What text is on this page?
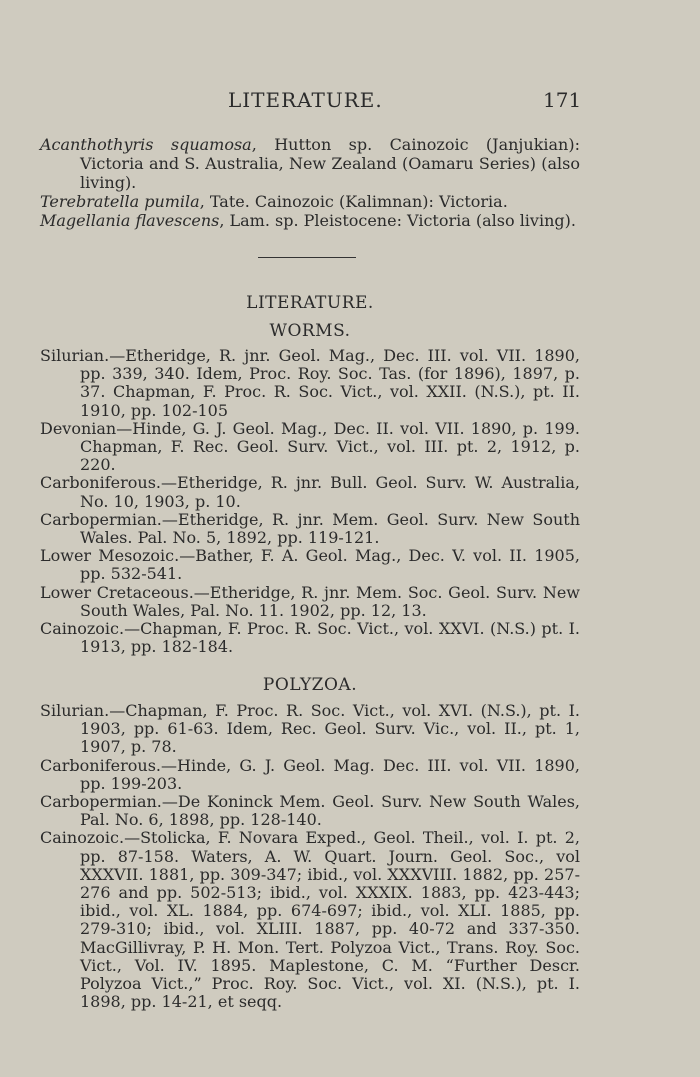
LITERATURE.	171

Acanthothyris squamosa, Hutton sp. Cainozoic (Janjukian): Victoria and S. Australia, New Zealand (Oamaru Series) (also living).

Terebratella pumila, Tate. Cainozoic (Kalimnan): Victoria.

Magellania flavescens, Lam. sp. Pleistocene: Victoria (also living).

LITERATURE.
WORMS.

Silurian.—Etheridge, R. jnr. Geol. Mag., Dec. III. vol. VII. 1890, pp. 339, 340. Idem, Proc. Roy. Soc. Tas. (for 1896), 1897, p. 37. Chapman, F. Proc. R. Soc. Vict., vol. XXII. (N.S.), pt. II. 1910, pp. 102-105

Devonian—Hinde, G. J. Geol. Mag., Dec. II. vol. VII. 1890, p. 199. Chapman, F. Rec. Geol. Surv. Vict., vol. III. pt. 2, 1912, p. 220.

Carboniferous.—Etheridge, R. jnr. Bull. Geol. Surv. W. Australia, No. 10, 1903, p. 10.

Carbopermian.—Etheridge, R. jnr. Mem. Geol. Surv. New South Wales. Pal. No. 5, 1892, pp. 119-121.

Lower Mesozoic.—Bather, F. A. Geol. Mag., Dec. V. vol. II. 1905, pp. 532-541.

Lower Cretaceous.—Etheridge, R. jnr. Mem. Soc. Geol. Surv. New South Wales, Pal. No. 11. 1902, pp. 12, 13.

Cainozoic.—Chapman, F. Proc. R. Soc. Vict., vol. XXVI. (N.S.) pt. I. 1913, pp. 182-184.

POLYZOA.

Silurian.—Chapman, F. Proc. R. Soc. Vict., vol. XVI. (N.S.), pt. I. 1903, pp. 61-63. Idem, Rec. Geol. Surv. Vic., vol. II., pt. 1, 1907, p. 78.

Carboniferous.—Hinde, G. J. Geol. Mag. Dec. III. vol. VII. 1890, pp. 199-203.

Carbopermian.—De Koninck Mem. Geol. Surv. New South Wales, Pal. No. 6, 1898, pp. 128-140.

Cainozoic.—Stolicka, F. Novara Exped., Geol. Theil., vol. I. pt. 2, pp. 87-158. Waters, A. W. Quart. Journ. Geol. Soc., vol XXXVII. 1881, pp. 309-347; ibid., vol. XXXVIII. 1882, pp. 257-276 and pp. 502-513; ibid., vol. XXXIX. 1883, pp. 423-443; ibid., vol. XL. 1884, pp. 674-697; ibid., vol. XLI. 1885, pp. 279-310; ibid., vol. XLIII. 1887, pp. 40-72 and 337-350. MacGillivray, P. H. Mon. Tert. Polyzoa Vict., Trans. Roy. Soc. Vict., Vol. IV. 1895. Maplestone, C. M. “Further Descr. Polyzoa Vict.,” Proc. Roy. Soc. Vict., vol. XI. (N.S.), pt. I. 1898, pp. 14-21, et seqq.
